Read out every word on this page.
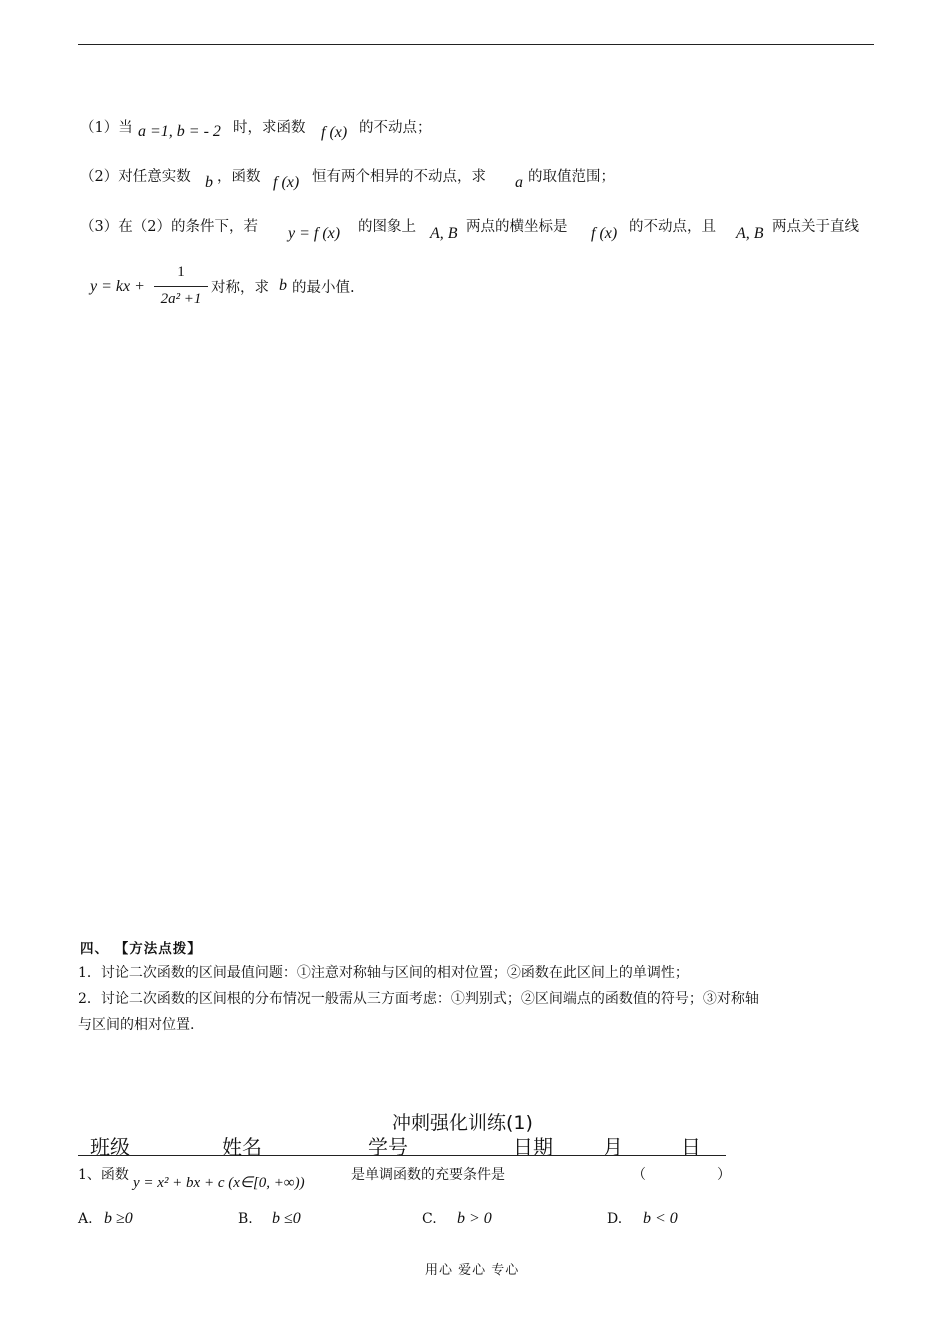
（1）当 a =1, b = - 2 时，求函数 f (x) 的不动点；
（2）对任意实数 b ，函数 f (x) 恒有两个相异的不动点，求 a 的取值范围；
（3）在（2）的条件下，若 y = f (x) 的图象上 A, B 两点的横坐标是 f (x) 的不动点，且 A, B 两点关于直线
y = kx +
1
2a² +1
对称，求 b 的最小值.
四、 【方法点拨】
1．讨论二次函数的区间最值问题：①注意对称轴与区间的相对位置；②函数在此区间上的单调性；
2．讨论二次函数的区间根的分布情况一般需从三方面考虑：①判别式；②区间端点的函数值的符号；③对称轴
与区间的相对位置.
冲刺强化训练(1)
班级	姓名	学号	日期	月	日
1、函数 y = x² + bx + c (x∈[0, +∞))	是单调函数的充要条件是	（	）
A. b ≥0	B. b ≤0	C. b > 0	D. b < 0
用心 爱心 专心
